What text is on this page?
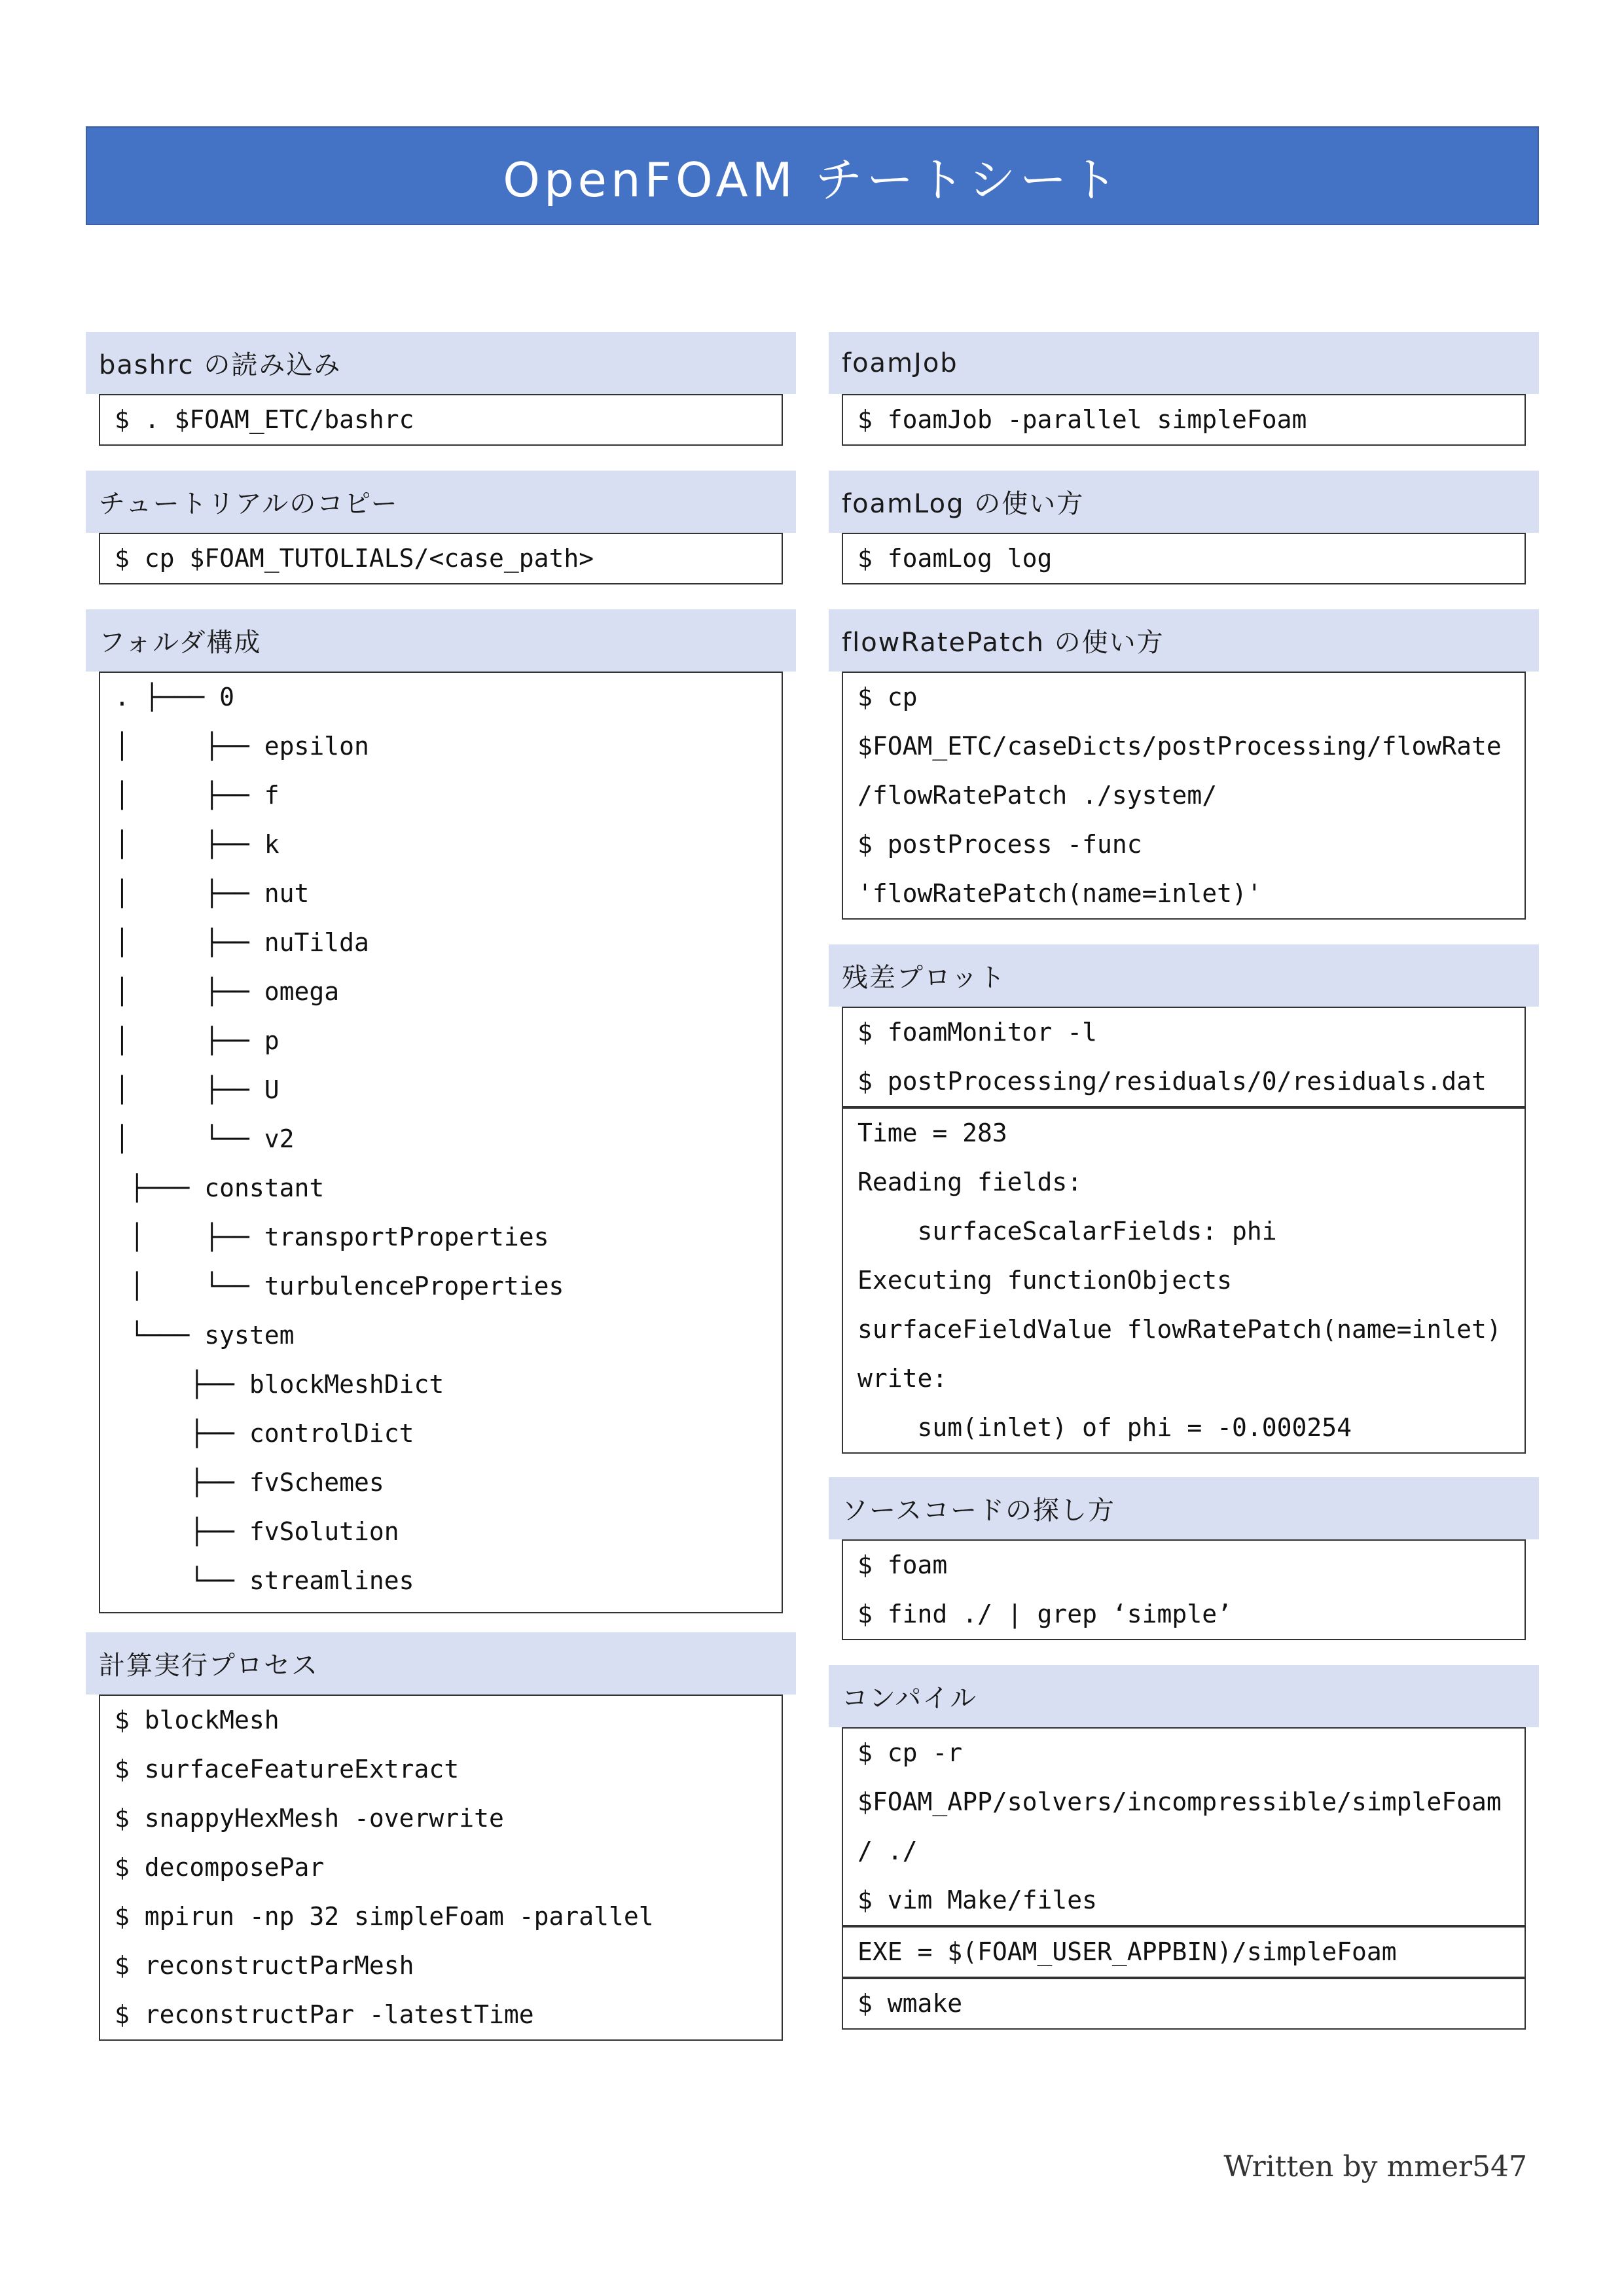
OpenFOAM チートシート
bashrc の読み込み
$ . $FOAM_ETC/bashrc
チュートリアルのコピー
$ cp $FOAM_TUTOLIALS/<case_path>
フォルダ構成
. ├─── 0
│     ├── epsilon
│     ├── f
│     ├── k
│     ├── nut
│     ├── nuTilda
│     ├── omega
│     ├── p
│     ├── U
│     └── v2
├─── constant
│    ├── transportProperties
│    └── turbulenceProperties
└─── system
├── blockMeshDict
├── controlDict
├── fvSchemes
├── fvSolution
└── streamlines
計算実行プロセス
$ blockMesh
$ surfaceFeatureExtract
$ snappyHexMesh -overwrite
$ decomposePar
$ mpirun -np 32 simpleFoam -parallel
$ reconstructParMesh
$ reconstructPar -latestTime
foamJob
$ foamJob -parallel simpleFoam
foamLog の使い方
$ foamLog log
flowRatePatch の使い方
$ cp
$FOAM_ETC/caseDicts/postProcessing/flowRate
/flowRatePatch ./system/
$ postProcess -func
'flowRatePatch(name=inlet)'
残差プロット
$ foamMonitor -l
$ postProcessing/residuals/0/residuals.dat
Time = 283
Reading fields:
surfaceScalarFields: phi
Executing functionObjects
surfaceFieldValue flowRatePatch(name=inlet)
write:
sum(inlet) of phi = -0.000254
ソースコードの探し方
$ foam
$ find ./ | grep ‘simple’
コンパイル
$ cp -r
$FOAM_APP/solvers/incompressible/simpleFoam
/ ./
$ vim Make/files
EXE = $(FOAM_USER_APPBIN)/simpleFoam
$ wmake
Written by mmer547
